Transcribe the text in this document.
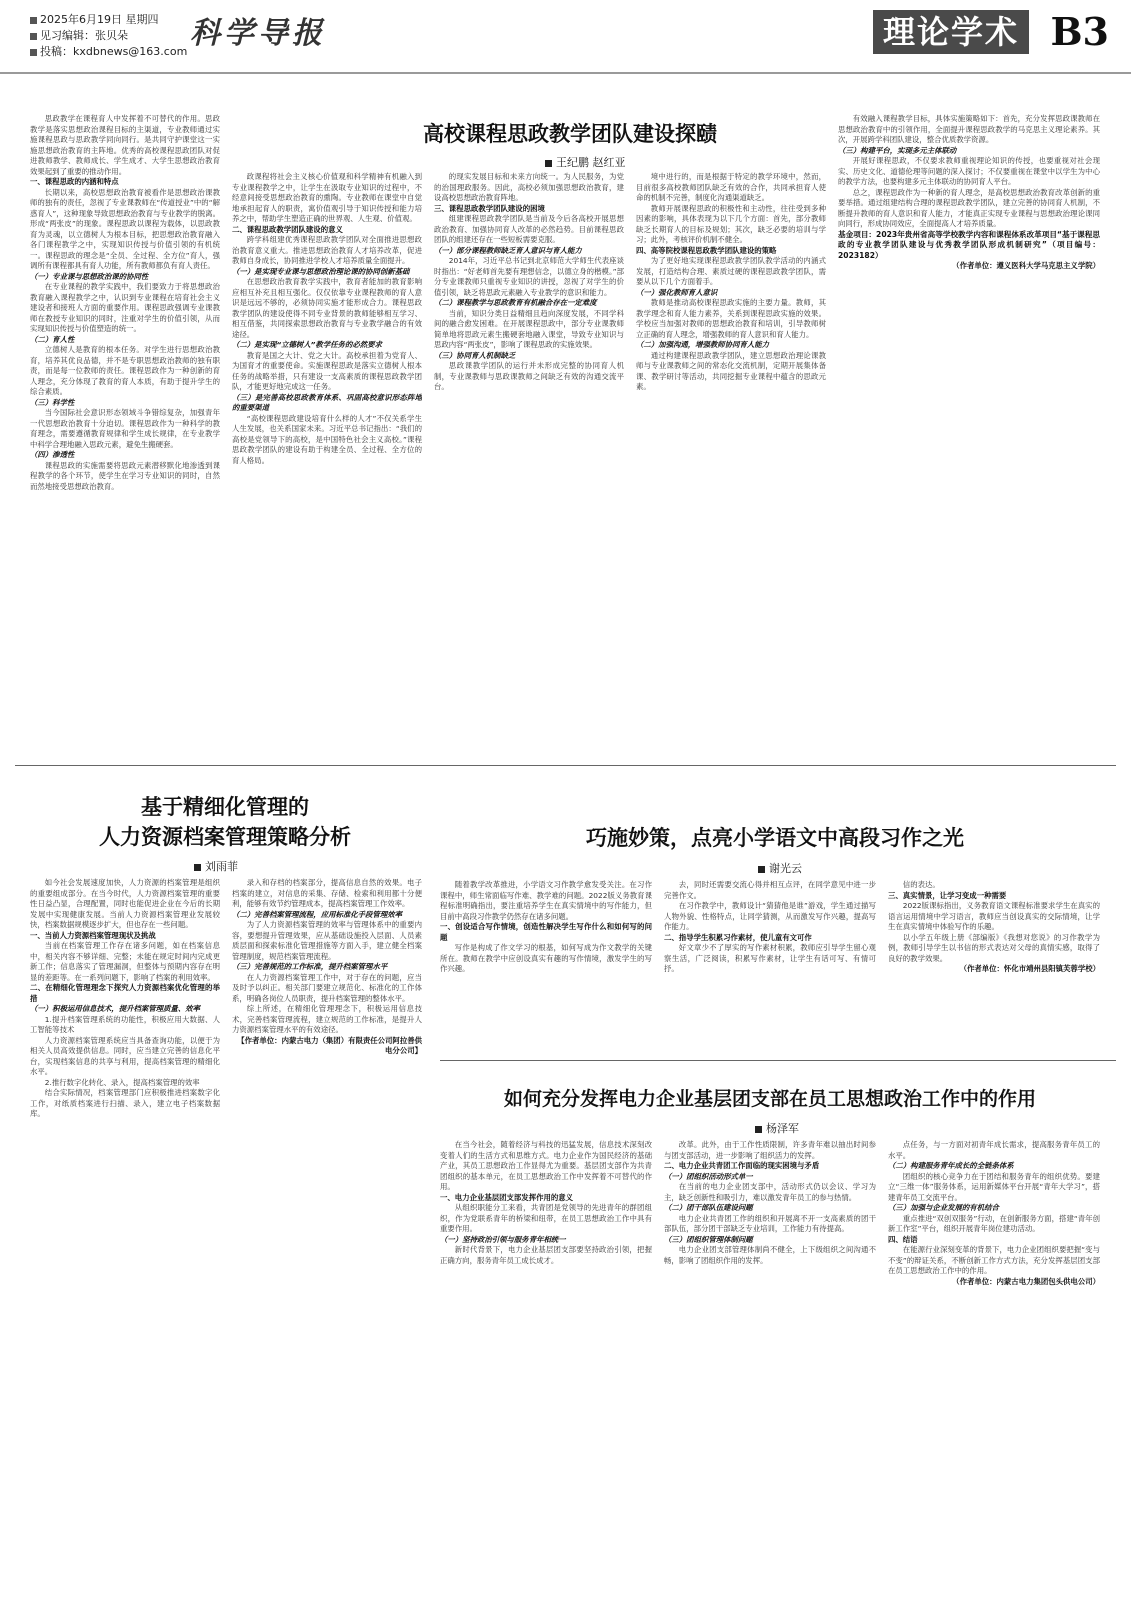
2025年6月19日 星期四
见习编辑：张贝朵
投稿：kxdbnews@163.com
科学导报	理论学术 B3
高校课程思政教学团队建设探赜
王纪鹏 赵红亚

思政教学在课程育人中发挥着不可替代的作用。思政教学是落实思想政治课程目标的主渠道，专业教师通过实施课程思政与思政教学同向同行。是共同守护课堂这一实施思想政治教育的主阵地。优秀的高校课程思政团队对促进教师教学、教师成长、学生成才、大学生思想政治教育效果起到了重要的推动作用。

一、课程思政的内涵和特点

长期以来，高校思想政治教育被看作是思想政治课教师的独有的责任，忽视了专业课教师在“传道授业”中的“解惑育人”，这种现象导致思想政治教育与专业教学的脱离。形成“两张皮”的现象。课程思政以课程为载体，以思政教育为灵魂，以立德树人为根本目标，把思想政治教育融入各门课程教学之中，实现知识传授与价值引领的有机统一。课程思政的理念是“全员、全过程、全方位”育人，强调所有课程都具有育人功能，所有教师都负有育人责任。

（一）专业课与思想政治课的协同性

在专业课程的教学实践中，我们要致力于将思想政治教育融入课程教学之中，认识到专业课程在培育社会主义建设者和接班人方面的重要作用。课程思政强调专业课教师在教授专业知识的同时，注重对学生的价值引领，从而实现知识传授与价值塑造的统一。

（二）育人性

立德树人是教育的根本任务。对学生进行思想政治教育，培养其优良品德，并不是专职思想政治教师的独有职责，而是每一位教师的责任。课程思政作为一种创新的育人理念，充分体现了教育的育人本质，有助于提升学生的综合素质。

（三）科学性

当今国际社会意识形态领域斗争错综复杂，加强青年一代思想政治教育十分迫切。课程思政作为一种科学的教育理念，需要遵循教育规律和学生成长规律，在专业教学中科学合理地融入思政元素，避免生搬硬套。

（四）渗透性

课程思政的实施需要将思政元素潜移默化地渗透到课程教学的各个环节，使学生在学习专业知识的同时，自然而然地接受思想政治教育。

政课程将社会主义核心价值观和科学精神有机融入到专业课程教学之中，让学生在汲取专业知识的过程中，不经意间接受思想政治教育的熏陶。专业教师在课堂中自觉地承担起育人的职责，寓价值观引导于知识传授和能力培养之中，帮助学生塑造正确的世界观、人生观、价值观。

二、课程思政教学团队建设的意义

跨学科组建优秀课程思政教学团队对全面推进思想政治教育意义重大。推进思想政治教育人才培养改革，促进教师自身成长，协同推进学校人才培养质量全面提升。

（一）是实现专业课与思想政治理论课的协同创新基础

在思想政治教育教学实践中，教育者能加的教育影响应相互补充且相互强化。仅仅依靠专业课程教师的育人意识是远远不够的，必须协同实施才能形成合力。课程思政教学团队的建设使得不同专业背景的教师能够相互学习、相互借鉴，共同探索思想政治教育与专业教学融合的有效途径。

（二）是实现“立德树人”教学任务的必然要求

教育是国之大计、党之大计。高校承担着为党育人、为国育才的重要使命。实施课程思政是落实立德树人根本任务的战略举措，只有建设一支高素质的课程思政教学团队，才能更好地完成这一任务。

（三）是完善高校思政教育体系、巩固高校意识形态阵地的重要渠道

“高校课程思政建设培育什么样的人才”不仅关系学生人生发展，也关系国家未来。习近平总书记指出：“我们的高校是党领导下的高校，是中国特色社会主义高校。”课程思政教学团队的建设有助于构建全员、全过程、全方位的育人格局。

的现实发展目标和未来方向统一。为人民服务，为党的治国理政服务。因此，高校必须加强思想政治教育，建设高校思想政治教育阵地。

三、课程思政教学团队建设的困境

组建课程思政教学团队是当前及今后各高校开展思想政治教育、加强协同育人改革的必然趋势。目前课程思政团队的组建还存在一些短板需要克服。

（一）部分课程教师缺乏育人意识与育人能力

2014年，习近平总书记到北京师范大学师生代表座谈时指出：“好老师首先要有理想信念，以德立身的楷模。”部分专业课教师只重视专业知识的讲授，忽视了对学生的价值引领，缺乏将思政元素融入专业教学的意识和能力。

（二）课程教学与思政教育有机融合存在一定难度

当前，知识分类日益精细且趋向深度发展，不同学科间的融合愈发困难。在开展课程思政中，部分专业课教师简单地将思政元素生搬硬套地融入课堂，导致专业知识与思政内容“两张皮”，影响了课程思政的实施效果。

（三）协同育人机制缺乏

思政课教学团队的运行并未形成完整的协同育人机制，专业课教师与思政课教师之间缺乏有效的沟通交流平台。

境中进行的，而是根据于特定的教学环境中，然而，目前很多高校教师团队缺乏有效的合作，共同承担育人使命的机制不完善，制度化沟通渠道缺乏。

教师开展课程思政的积极性和主动性，往往受到多种因素的影响，具体表现为以下几个方面：首先，部分教师缺乏长期育人的目标及规划；其次，缺乏必要的培训与学习；此外，考核评价机制不健全。

四、高等院校课程思政教学团队建设的策略

为了更好地实现课程思政教学团队教学活动的内涵式发展，打造结构合理、素质过硬的课程思政教学团队，需要从以下几个方面着手。

（一）强化教师育人意识

教师是推动高校课程思政实施的主要力量。教师，其教学理念和育人能力素养，关系到课程思政实施的效果。学校应当加强对教师的思想政治教育和培训，引导教师树立正确的育人理念，增强教师的育人意识和育人能力。

（二）加强沟通，增强教师协同育人能力

通过构建课程思政教学团队，建立思想政治理论课教师与专业课教师之间的常态化交流机制，定期开展集体备课、教学研讨等活动，共同挖掘专业课程中蕴含的思政元素。

有效融入课程教学目标，具体实施策略如下：首先，充分发挥思政课教师在思想政治教育中的引领作用，全面提升课程思政教学的马克思主义理论素养。其次，开展跨学科团队建设，整合优质教学资源。

（三）构建平台，实现多元主体联动

开展好课程思政，不仅要求教师重视理论知识的传授，也要重视对社会现实、历史文化、道德伦理等问题的深入探讨；不仅要重视在课堂中以学生为中心的教学方法，也要构建多元主体联动的协同育人平台。

总之，课程思政作为一种新的育人理念，是高校思想政治教育改革创新的重要举措。通过组建结构合理的课程思政教学团队，建立完善的协同育人机制，不断提升教师的育人意识和育人能力，才能真正实现专业课程与思想政治理论课同向同行，形成协同效应，全面提高人才培养质量。

基金项目：2023年贵州省高等学校教学内容和课程体系改革项目“基于课程思政的专业教学团队建设与优秀教学团队形成机制研究”（项目编号：2023182）

（作者单位：遵义医科大学马克思主义学院）

基于精细化管理的
人力资源档案管理策略分析
刘雨菲

如今社会发展速度加快，人力资源的档案管理是组织的重要组成部分。在当今时代，人力资源档案管理的重要性日益凸显，合理配置，同时也能促进企业在今后的长期发展中实现健康发展。当前人力资源档案管理业发展较快，档案数据规模逐步扩大，但也存在一些问题。

一、当前人力资源档案管理现状及挑战

当前在档案管理工作存在诸多问题，如在档案信息中，相关内容不够详细、完整；未能在规定时间内完成更新工作；信息落实了管理漏洞，但整体与预期内容存在明显的差距等。在一系列问题下，影响了档案的利用效率。

二、在精细化管理理念下探究人力资源档案优化管理的举措

（一）积极运用信息技术，提升档案管理质量、效率

1.提升档案管理系统的功能性，积极应用大数据、人工智能等技术

人力资源档案管理系统应当具备查询功能，以便于为相关人员高效提供信息。同时，应当建立完善的信息化平台，实现档案信息的共享与利用，提高档案管理的精细化水平。

2.推行数字化转化、录入，提高档案管理的效率

结合实际情况，档案管理部门应积极推进档案数字化工作，对纸质档案进行扫描、录入，建立电子档案数据库。

录入和存档的档案部分，提高信息自然的效果。电子档案的建立，对信息的采集、存储、检索和利用都十分便利，能够有效节约管理成本，提高档案管理工作效率。

（二）完善档案管理流程，应用标准化手段管理效率

为了人力资源档案管理的效率与管理体系中的重要内容，要想提升管理效果，应从基础设施投入层面、人员素质层面和探索标准化管理措施等方面入手，建立健全档案管理制度，规范档案管理流程。

（三）完善规范的工作标准，提升档案管理水平

在人力资源档案管理工作中，对于存在的问题，应当及时予以纠正。相关部门要建立规范化、标准化的工作体系，明确各岗位人员职责，提升档案管理的整体水平。

综上所述，在精细化管理理念下，积极运用信息技术，完善档案管理流程，建立规范的工作标准，是提升人力资源档案管理水平的有效途径。

【作者单位：内蒙古电力（集团）有限责任公司阿拉善供电分公司】

巧施妙策，点亮小学语文中高段习作之光
谢光云

随着教学改革推进，小学语文习作教学愈发受关注。在习作课程中，师生常面临写作难、教学难的问题。2022版义务教育课程标准明确指出，要注重培养学生在真实情境中的写作能力，但目前中高段习作教学仍然存在诸多问题。

一、创设适合写作情境，创造性解决学生写作什么和如何写的问题

写作是构成了作文学习的根基，如何写成为作文教学的关键所在。教师在教学中应创设真实有趣的写作情境，激发学生的写作兴趣。

去，同时还需要交流心得并相互点评，在同学意见中进一步完善作文。

在习作教学中，教师设计“猜猜他是谁”游戏，学生通过描写人物外貌、性格特点，让同学猜测，从而激发写作兴趣，提高写作能力。

二、指导学生积累习作素材，使儿童有文可作

好文章少不了厚实的写作素材积累，教师应引导学生留心观察生活，广泛阅读，积累写作素材，让学生有话可写、有情可抒。

信的表达。

三、真实情景，让学习变成一种需要

2022版课标指出，义务教育语文课程标准要求学生在真实的语言运用情境中学习语言，教师应当创设真实的交际情境，让学生在真实情境中体验写作的乐趣。

以小学五年级上册《部编版》《我想对您说》的习作教学为例，教师引导学生以书信的形式表达对父母的真情实感，取得了良好的教学效果。

（作者单位：怀化市靖州县阳镇芙蓉学校）

如何充分发挥电力企业基层团支部在员工思想政治工作中的作用
杨泽军

在当今社会，随着经济与科技的迅猛发展，信息技术深刻改变着人们的生活方式和思维方式。电力企业作为国民经济的基础产业，其员工思想政治工作显得尤为重要。基层团支部作为共青团组织的基本单元，在员工思想政治工作中发挥着不可替代的作用。

一、电力企业基层团支部发挥作用的意义

从组织职能分工来看，共青团是党领导的先进青年的群团组织，作为党联系青年的桥梁和纽带，在员工思想政治工作中具有重要作用。

（一）坚持政治引领与服务青年相统一

新时代背景下，电力企业基层团支部要坚持政治引领，把握正确方向，服务青年员工成长成才。

改革。此外，由于工作性质限制，许多青年难以抽出时间参与团支部活动，进一步影响了组织活力的发挥。

二、电力企业共青团工作面临的现实困境与矛盾

（一）团组织活动形式单一

在当前的电力企业团支部中，活动形式仍以会议、学习为主，缺乏创新性和吸引力，难以激发青年员工的参与热情。

（二）团干部队伍建设问题

电力企业共青团工作的组织和开展离不开一支高素质的团干部队伍，部分团干部缺乏专业培训，工作能力有待提高。

（三）团组织管理体制问题

电力企业团支部管理体制尚不健全，上下级组织之间沟通不畅，影响了团组织作用的发挥。

点任务，与一方面对初青年成长需求，提高服务青年员工的水平。

（二）构建服务青年成长的全链条体系

团组织的核心竞争力在于团结和服务青年的组织优势。要建立“三维一体”服务体系，运用新媒体平台开展“青年大学习”，搭建青年员工交流平台。

（三）加强与企业发展的有机结合

重点推进“双创双服务”行动，在创新服务方面，搭建“青年创新工作室”平台，组织开展青年岗位建功活动。

四、结语

在能源行业深刻变革的背景下，电力企业团组织要把握“变与不变”的辩证关系，不断创新工作方式方法，充分发挥基层团支部在员工思想政治工作中的作用。

（作者单位：内蒙古电力集团包头供电公司）
